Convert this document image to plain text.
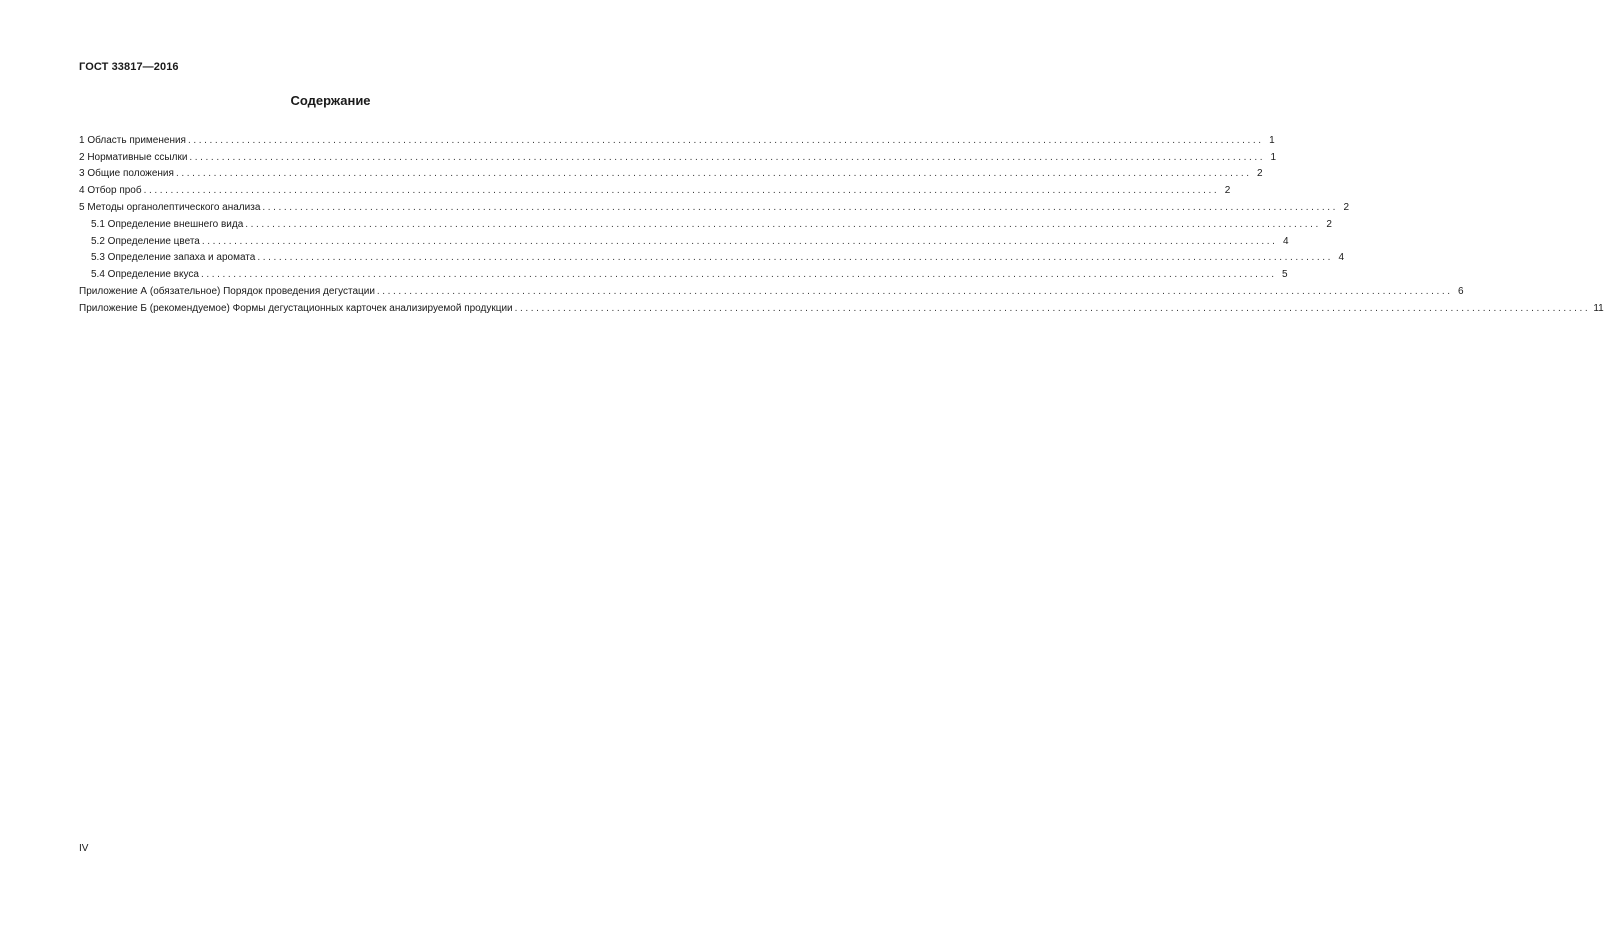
ГОСТ 33817—2016
Содержание
1 Область применения ........................................................................................................................................................................................................ 1
2 Нормативные ссылки ........................................................................................................................................................................................................ 1
3 Общие положения ........................................................................................................................................................................................................ 2
4 Отбор проб ........................................................................................................................................................................................................ 2
5 Методы органолептического анализа ........................................................................................................................................................................................................ 2
5.1 Определение внешнего вида ........................................................................................................................................................................................................ 2
5.2 Определение цвета ........................................................................................................................................................................................................ 4
5.3 Определение запаха и аромата ........................................................................................................................................................................................................ 4
5.4 Определение вкуса ........................................................................................................................................................................................................ 5
Приложение А (обязательное) Порядок проведения дегустации ........................................................................................................................................................................................................ 6
Приложение Б (рекомендуемое) Формы дегустационных карточек анализируемой продукции ........................................................................................................................................................................................................ 11
IV
